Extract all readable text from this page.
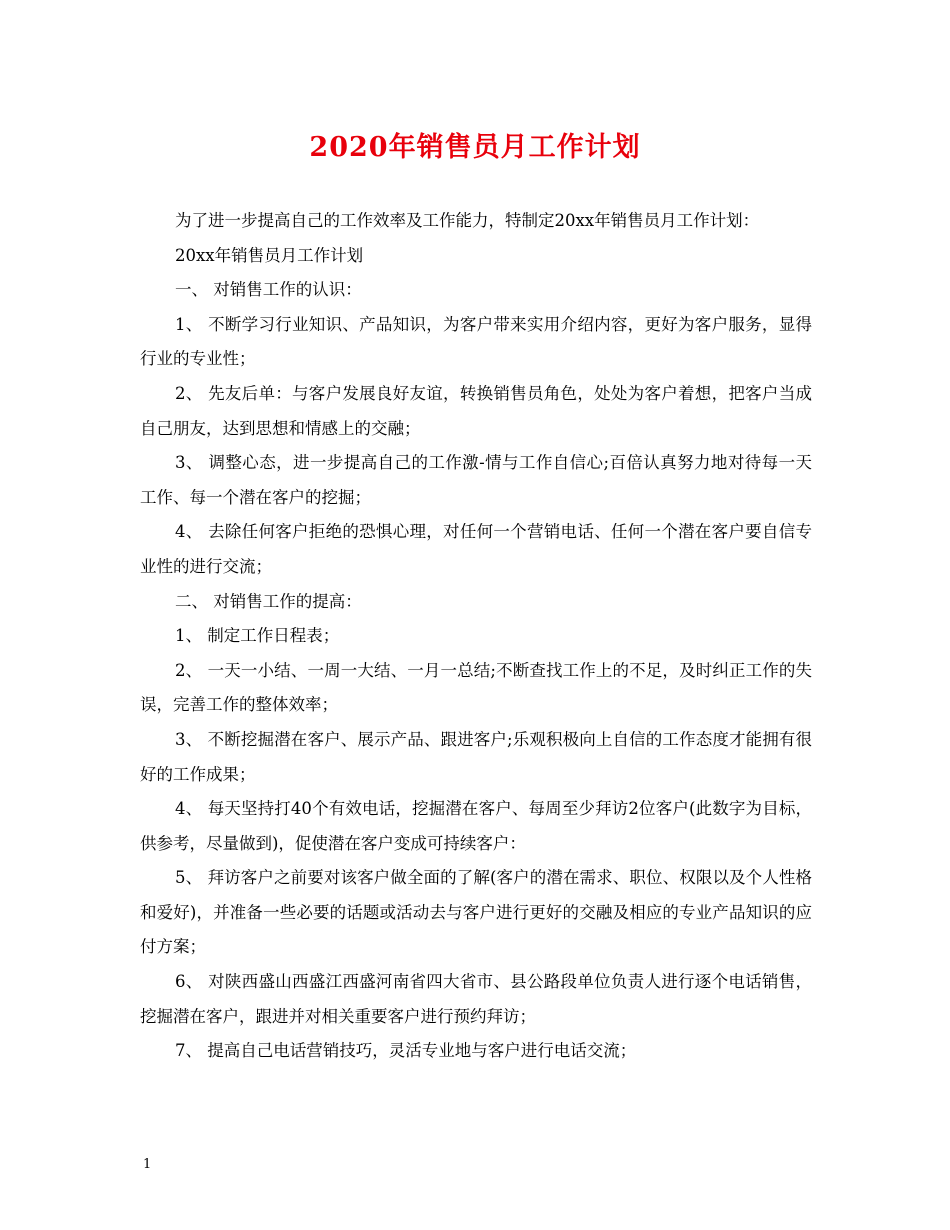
2020年销售员月工作计划

为了进一步提高自己的工作效率及工作能力，特制定20xx年销售员月工作计划：

20xx年销售员月工作计划

一、 对销售工作的认识：

1、 不断学习行业知识、产品知识，为客户带来实用介绍内容，更好为客户服务，显得行业的专业性；

2、 先友后单：与客户发展良好友谊，转换销售员角色，处处为客户着想，把客户当成自己朋友，达到思想和情感上的交融；

3、 调整心态，进一步提高自己的工作激-情与工作自信心;百倍认真努力地对待每一天工作、每一个潜在客户的挖掘；

4、 去除任何客户拒绝的恐惧心理，对任何一个营销电话、任何一个潜在客户要自信专业性的进行交流；

二、 对销售工作的提高：

1、 制定工作日程表；

2、 一天一小结、一周一大结、一月一总结;不断查找工作上的不足，及时纠正工作的失误，完善工作的整体效率；

3、 不断挖掘潜在客户、展示产品、跟进客户;乐观积极向上自信的工作态度才能拥有很好的工作成果；

4、 每天坚持打40个有效电话，挖掘潜在客户、每周至少拜访2位客户(此数字为目标，供参考，尽量做到)，促使潜在客户变成可持续客户：

5、 拜访客户之前要对该客户做全面的了解(客户的潜在需求、职位、权限以及个人性格和爱好)，并准备一些必要的话题或活动去与客户进行更好的交融及相应的专业产品知识的应付方案；

6、 对陕西盛山西盛江西盛河南省四大省市、县公路段单位负责人进行逐个电话销售，挖掘潜在客户，跟进并对相关重要客户进行预约拜访；

7、 提高自己电话营销技巧，灵活专业地与客户进行电话交流；

1
